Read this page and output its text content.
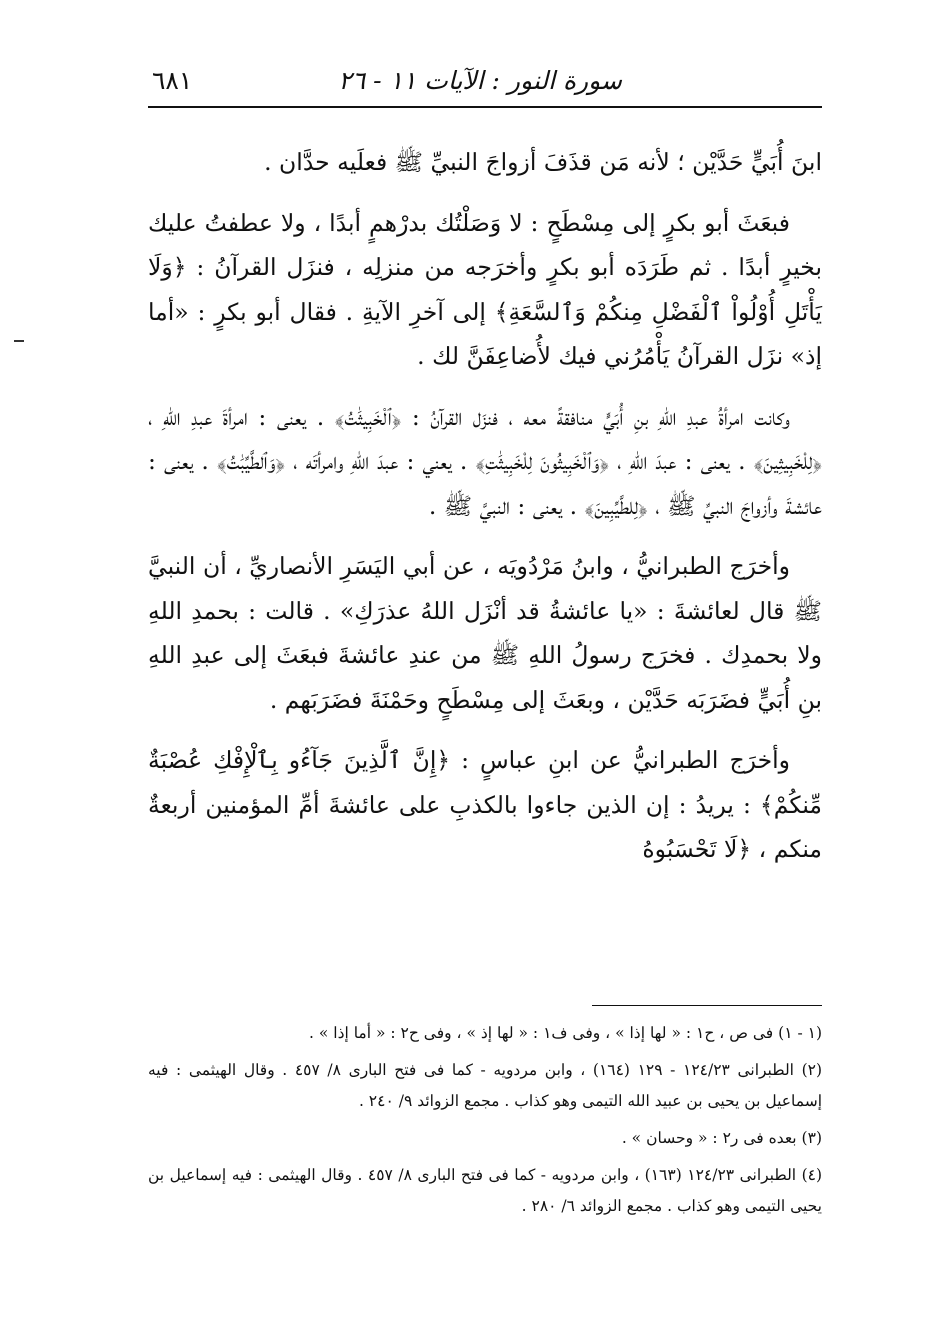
سورة النور : الآيات ١١ - ٢٦
٦٨١

ابنَ أُبَيٍّ حَدَّيْن ؛ لأنه مَن قذَفَ أزواجَ النبيِّ ﷺ فعلَيه حدَّان .

فبعَثَ أبو بكرٍ إلى مِسْطَحٍ : لا وَصَلْتُك بدرْهمٍ أبدًا ، ولا عطفتُ عليك بخيرٍ أبدًا . ثم طَرَدَه أبو بكرٍ وأخرَجه من منزلِه ، فنزَل القرآنُ : ﴿وَلَا يَأْتَلِ أُوْلُواْ ٱلْفَضْلِ مِنكُمْ وَٱلسَّعَةِ﴾ إلى آخرِ الآيةِ . فقال أبو بكرٍ : «أما إذ» نزَل القرآنُ يَأْمُرُني فيك لأُضاعِفَنَّ لك .

وكانت امرأةُ عبدِ اللهِ بنِ أُبَيٍّ منافقةً معه ، فنزَل القرآنُ : ﴿ٱلْخَبِيثَٰتُ﴾ . يعنى : امرأةَ عبدِ اللهِ ، ﴿لِلْخَبِيثِينَ﴾ . يعنى : عبدَ اللهِ ، ﴿وَٱلْخَبِيثُونَ لِلْخَبِيثَٰتِ﴾ . يعني : عبدَ اللهِ وامرأتَه ، ﴿وَٱلطَّيِّبَٰتُ﴾ . يعنى : عائشةَ وأزواجَ النبيِّ ﷺ ، ﴿لِلطَّيِّبِينَ﴾ . يعنى : النبيَّ ﷺ .

وأخرَج الطبرانيُّ ، وابنُ مَرْدُويَه ، عن أبي اليَسَرِ الأنصاريِّ ، أن النبيَّ ﷺ قال لعائشةَ : «يا عائشةُ قد أنْزَل اللهُ عذرَكِ» . قالت : بحمدِ اللهِ ولا بحمدِك . فخرَج رسولُ اللهِ ﷺ من عندِ عائشةَ فبعَثَ إلى عبدِ اللهِ بنِ أُبَيٍّ فضَرَبَه حَدَّيْن ، وبعَثَ إلى مِسْطَحٍ وحَمْنَةَ فضَرَبَهم .

وأخرَج الطبرانيُّ عن ابنِ عباسٍ : ﴿إِنَّ ٱلَّذِينَ جَآءُو بِٱلْإِفْكِ عُصْبَةٌ مِّنكُمْ﴾ : يريدُ : إن الذين جاءوا بالكذبِ على عائشةَ أمِّ المؤمنين أربعةٌ منكم ، ﴿لَا تَحْسَبُوهُ

(١ - ١) فى ص ، ح١ : « لها إذا » ، وفى ف١ : « لها إذ » ، وفى ح٢ : « أما إذا » .

(٢) الطبرانى ١٢٤/٢٣ - ١٢٩ (١٦٤) ، وابن مردويه - كما فى فتح البارى ٨/ ٤٥٧ . وقال الهيثمى : فيه إسماعيل بن يحيى بن عبيد الله التيمى وهو كذاب . مجمع الزوائد ٩/ ٢٤٠ .

(٣) بعده فى ر٢ : « وحسان » .

(٤) الطبرانى ١٢٤/٢٣ (١٦٣) ، وابن مردويه - كما فى فتح البارى ٨/ ٤٥٧ . وقال الهيثمى : فيه إسماعيل بن يحيى التيمى وهو كذاب . مجمع الزوائد ٦/ ٢٨٠ .
